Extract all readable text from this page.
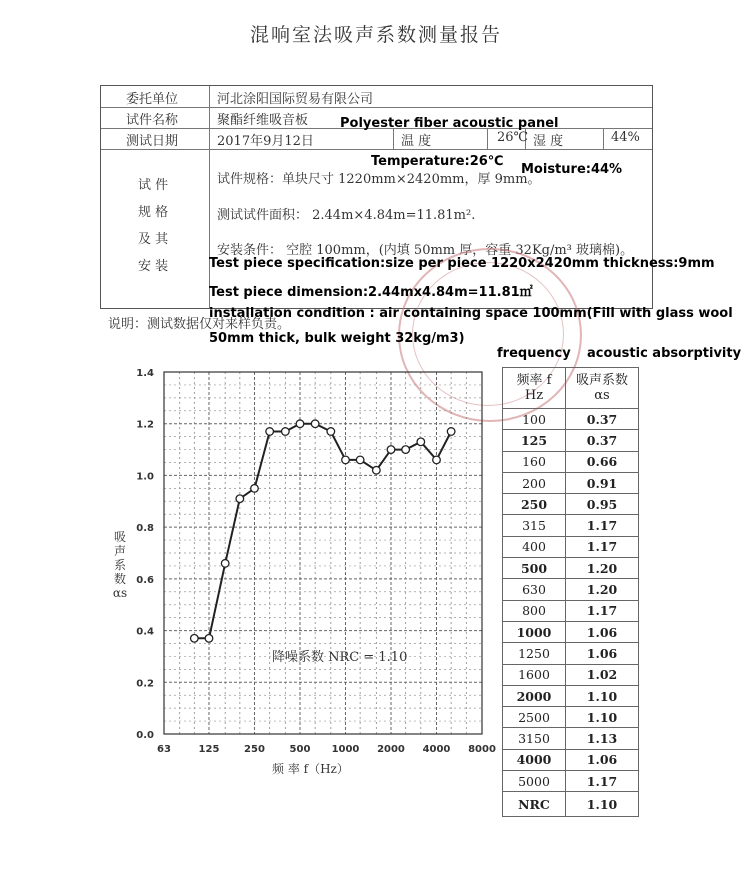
混响室法吸声系数测量报告
委托单位	河北涂阳国际贸易有限公司
试件名称	聚酯纤维吸音板
测试日期	2017年9月12日	温 度	26℃ 湿 度	44%
试 件
规 格
及 其
安 装
试件规格：单块尺寸 1220mm×2420mm，厚 9mm。
测试试件面积： 2.44m×4.84m=11.81m².
安装条件： 空腔 100mm，(内填 50mm 厚，容重 32Kg/m³ 玻璃棉)。
说明：测试数据仅对来样负责。
Polyester fiber acoustic panel
Temperature:26℃
Moisture:44%
Test piece specification:size per piece 1220x2420mm thickness:9mm
Test piece dimension:2.44mx4.84m=11.81㎡
installation condition : air containing space 100mm(Fill with glass wool
50mm thick, bulk weight 32kg/m3)
frequency acoustic absorptivity
63	125 250 500 1000 2000 4000 8000
0.0
0.2
0.4
0.6
0.8
1.0
1.2
1.4
降噪系数 NRC = 1.10
频 率 f（Hz）
吸 声 系 数 αs
频率 f
Hz	吸声系数
αs
100	0.37
125	0.37
160	0.66
200	0.91
250	0.95
315	1.17
400	1.17
500	1.20
630	1.20
800	1.17
1000	1.06
1250	1.06
1600	1.02
2000	1.10
2500	1.10
3150	1.13
4000	1.06
5000	1.17
NRC	1.10
